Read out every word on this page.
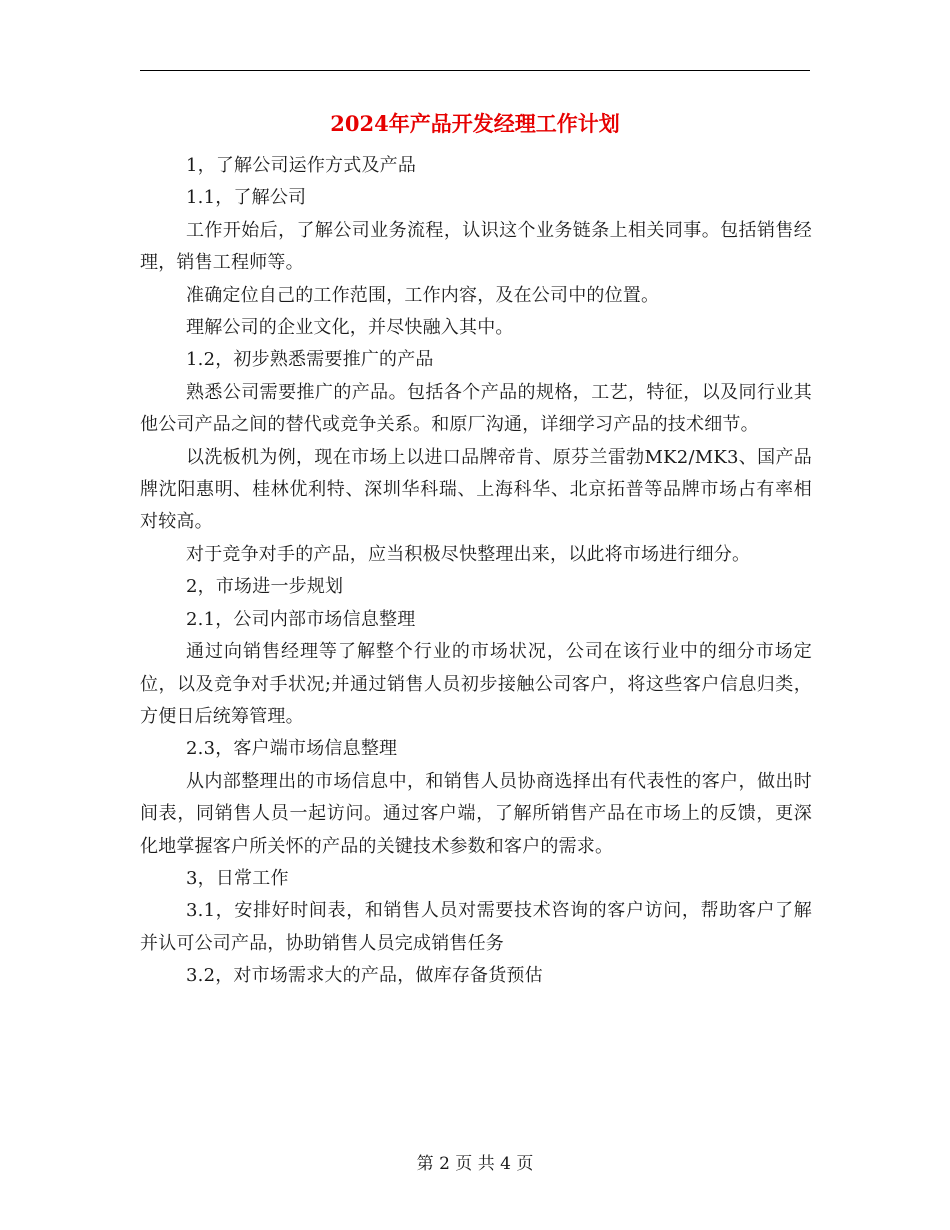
2024年产品开发经理工作计划

1，了解公司运作方式及产品

1.1，了解公司

工作开始后，了解公司业务流程，认识这个业务链条上相关同事。包括销售经理，销售工程师等。

准确定位自己的工作范围，工作内容，及在公司中的位置。

理解公司的企业文化，并尽快融入其中。

1.2，初步熟悉需要推广的产品

熟悉公司需要推广的产品。包括各个产品的规格，工艺，特征，以及同行业其他公司产品之间的替代或竞争关系。和原厂沟通，详细学习产品的技术细节。

以洗板机为例，现在市场上以进口品牌帝肯、原芬兰雷勃MK2/MK3、国产品牌沈阳惠明、桂林优利特、深圳华科瑞、上海科华、北京拓普等品牌市场占有率相对较高。

对于竞争对手的产品，应当积极尽快整理出来，以此将市场进行细分。

2，市场进一步规划

2.1，公司内部市场信息整理

通过向销售经理等了解整个行业的市场状况，公司在该行业中的细分市场定位，以及竞争对手状况;并通过销售人员初步接触公司客户，将这些客户信息归类，方便日后统筹管理。

2.3，客户端市场信息整理

从内部整理出的市场信息中，和销售人员协商选择出有代表性的客户，做出时间表，同销售人员一起访问。通过客户端，了解所销售产品在市场上的反馈，更深化地掌握客户所关怀的产品的关键技术参数和客户的需求。

3，日常工作

3.1，安排好时间表，和销售人员对需要技术咨询的客户访问，帮助客户了解并认可公司产品，协助销售人员完成销售任务

3.2，对市场需求大的产品，做库存备货预估

第 2 页 共 4 页
